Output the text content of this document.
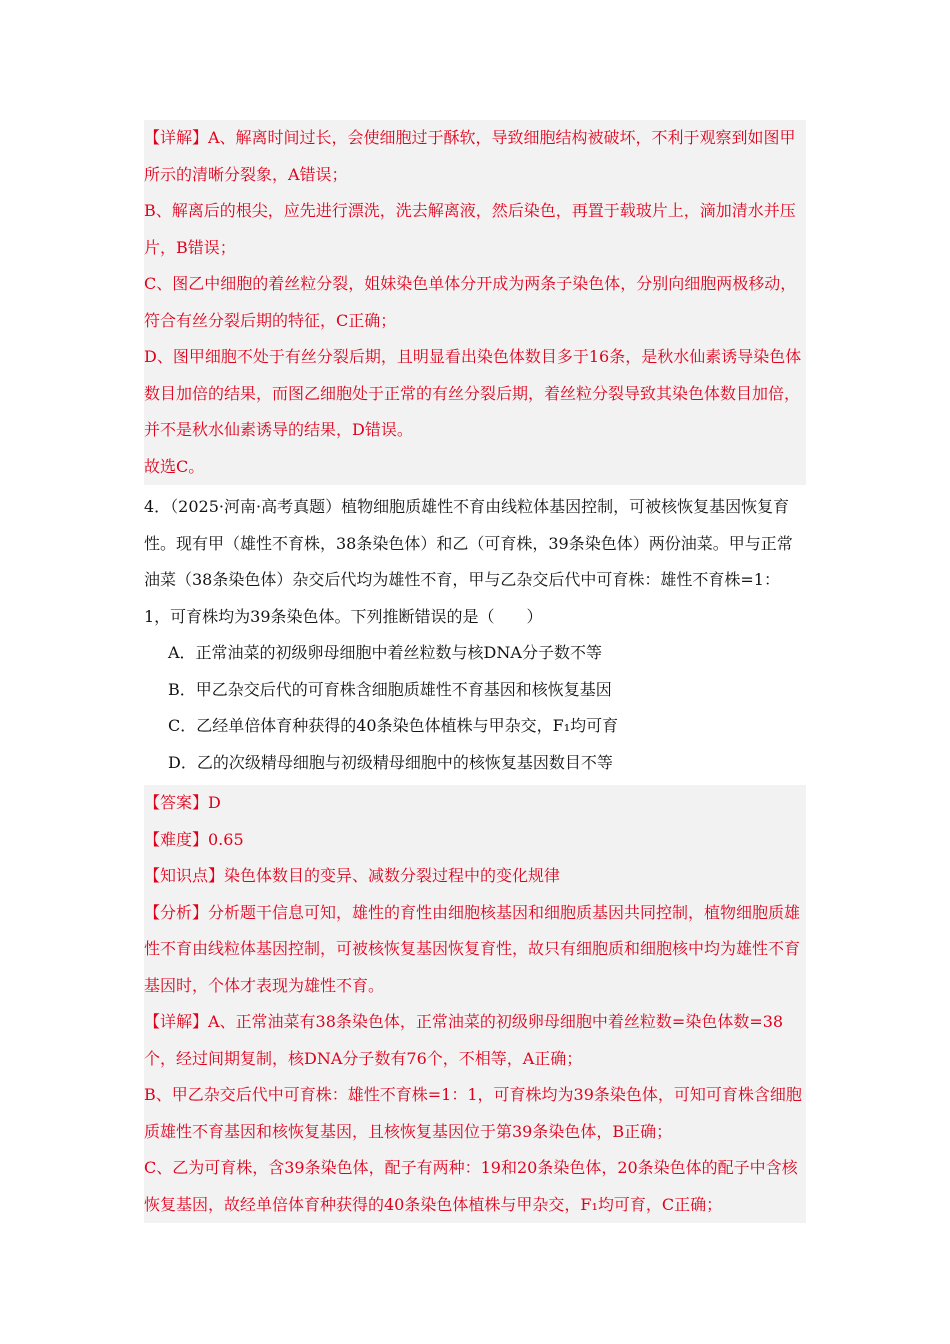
【详解】A、解离时间过长，会使细胞过于酥软，导致细胞结构被破坏，不利于观察到如图甲所示的清晰分裂象，A错误；

B、解离后的根尖，应先进行漂洗，洗去解离液，然后染色，再置于载玻片上，滴加清水并压片，B错误；

C、图乙中细胞的着丝粒分裂，姐妹染色单体分开成为两条子染色体，分别向细胞两极移动，符合有丝分裂后期的特征，C正确；

D、图甲细胞不处于有丝分裂后期，且明显看出染色体数目多于16条，是秋水仙素诱导染色体数目加倍的结果，而图乙细胞处于正常的有丝分裂后期，着丝粒分裂导致其染色体数目加倍，并不是秋水仙素诱导的结果，D错误。

故选C。

4．（2025·河南·高考真题）植物细胞质雄性不育由线粒体基因控制，可被核恢复基因恢复育性。现有甲（雄性不育株，38条染色体）和乙（可育株，39条染色体）两份油菜。甲与正常油菜（38条染色体）杂交后代均为雄性不育，甲与乙杂交后代中可育株：雄性不育株=1：1，可育株均为39条染色体。下列推断错误的是（　　）

A．正常油菜的初级卵母细胞中着丝粒数与核DNA分子数不等

B．甲乙杂交后代的可育株含细胞质雄性不育基因和核恢复基因

C．乙经单倍体育种获得的40条染色体植株与甲杂交，F₁均可育

D．乙的次级精母细胞与初级精母细胞中的核恢复基因数目不等

【答案】D

【难度】0.65

【知识点】染色体数目的变异、减数分裂过程中的变化规律

【分析】分析题干信息可知，雄性的育性由细胞核基因和细胞质基因共同控制，植物细胞质雄性不育由线粒体基因控制，可被核恢复基因恢复育性，故只有细胞质和细胞核中均为雄性不育基因时，个体才表现为雄性不育。

【详解】A、正常油菜有38条染色体，正常油菜的初级卵母细胞中着丝粒数=染色体数=38个，经过间期复制，核DNA分子数有76个，不相等，A正确；

B、甲乙杂交后代中可育株：雄性不育株=1：1，可育株均为39条染色体，可知可育株含细胞质雄性不育基因和核恢复基因，且核恢复基因位于第39条染色体，B正确；

C、乙为可育株，含39条染色体，配子有两种：19和20条染色体，20条染色体的配子中含核恢复基因，故经单倍体育种获得的40条染色体植株与甲杂交，F₁均可育，C正确；
